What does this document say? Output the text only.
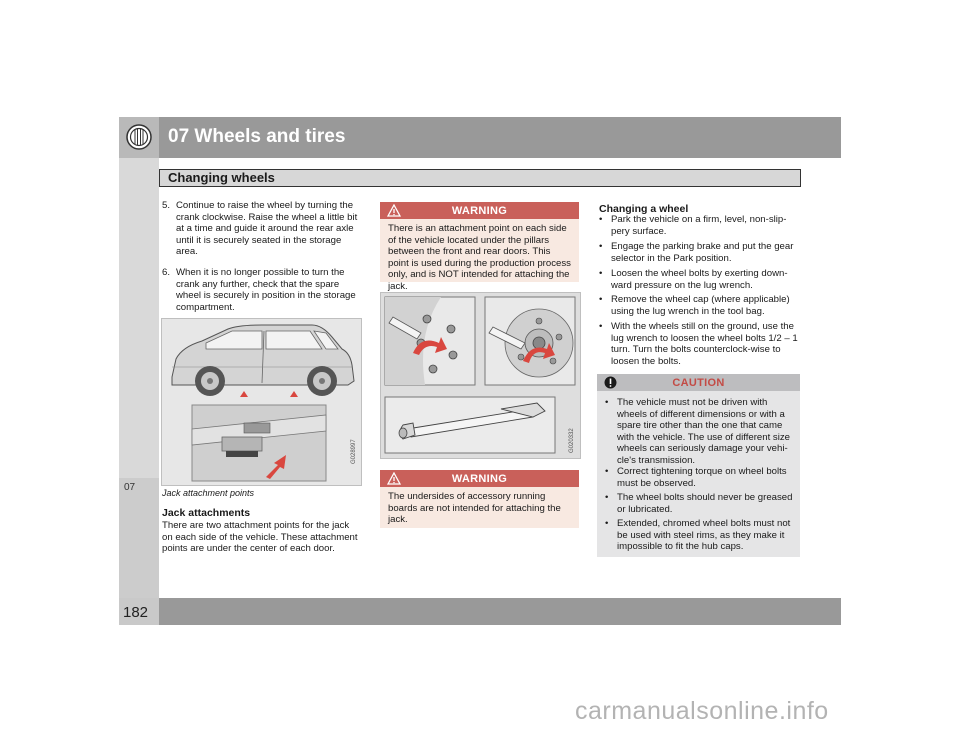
07 Wheels and tires
Changing wheels
07
5. Continue to raise the wheel by turning the crank clockwise. Raise the wheel a little bit at a time and guide it around the rear axle until it is securely seated in the storage area.
6. When it is no longer possible to turn the crank any further, check that the spare wheel is securely in position in the storage compartment.
G028997
Jack attachment points
Jack attachments
There are two attachment points for the jack on each side of the vehicle. These attachment points are under the center of each door.
WARNING
There is an attachment point on each side of the vehicle located under the pillars between the front and rear doors. This point is used during the production process only, and is NOT intended for attaching the jack.
G020332
WARNING
The undersides of accessory running boards are not intended for attaching the jack.
Changing a wheel
• Park the vehicle on a firm, level, non-slip-pery surface.
• Engage the parking brake and put the gear selector in the Park position.
• Loosen the wheel bolts by exerting down-ward pressure on the lug wrench.
• Remove the wheel cap (where applicable) using the lug wrench in the tool bag.
• With the wheels still on the ground, use the lug wrench to loosen the wheel bolts 1/2 – 1 turn. Turn the bolts counterclock-wise to loosen the bolts.
CAUTION
• The vehicle must not be driven with wheels of different dimensions or with a spare tire other than the one that came with the vehicle. The use of different size wheels can seriously damage your vehi-cle's transmission.
• Correct tightening torque on wheel bolts must be observed.
• The wheel bolts should never be greased or lubricated.
• Extended, chromed wheel bolts must not be used with steel rims, as they make it impossible to fit the hub caps.
182
carmanualsonline.info
